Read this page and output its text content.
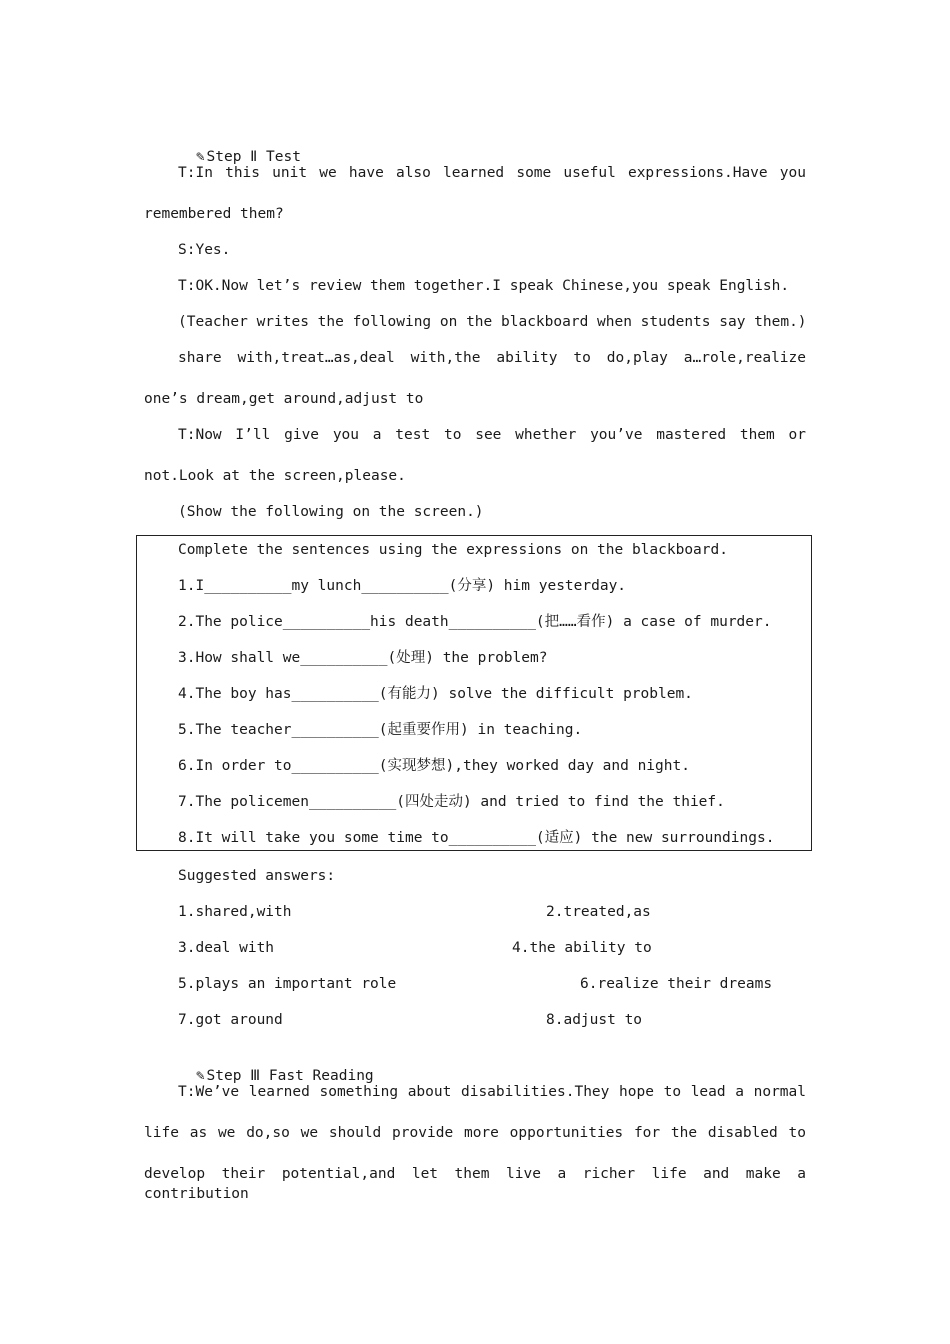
✎Step Ⅱ Test

T:In this unit we have also learned some useful expressions.Have you
remembered them?
S:Yes.
T:OK.Now let’s review them together.I speak Chinese,you speak English.
(Teacher writes the following on the blackboard when students say them.)
share with,treat…as,deal with,the ability to do,play a…role,realize
one’s dream,get around,adjust to
T:Now I’ll give you a test to see whether you’ve mastered them or
not.Look at the screen,please.
(Show the following on the screen.)
Complete the sentences using the expressions on the blackboard.
1.I__________my lunch__________(分享) him yesterday.
2.The police__________his death__________(把……看作) a case of murder.
3.How shall we__________(处理) the problem?
4.The boy has__________(有能力) solve the difficult problem.
5.The teacher__________(起重要作用) in teaching.
6.In order to__________(实现梦想),they worked day and night.
7.The policemen__________(四处走动) and tried to find the thief.
8.It will take you some time to__________(适应) the new surroundings.
Suggested answers:
1.shared,with	2.treated,as
3.deal with	4.the ability to
5.plays an important role	6.realize their dreams
7.got around	8.adjust to

✎Step Ⅲ Fast Reading

T:We’ve learned something about disabilities.They hope to lead a normal
life as we do,so we should provide more opportunities for the disabled to
develop their potential,and let them live a richer life and make a contribution
